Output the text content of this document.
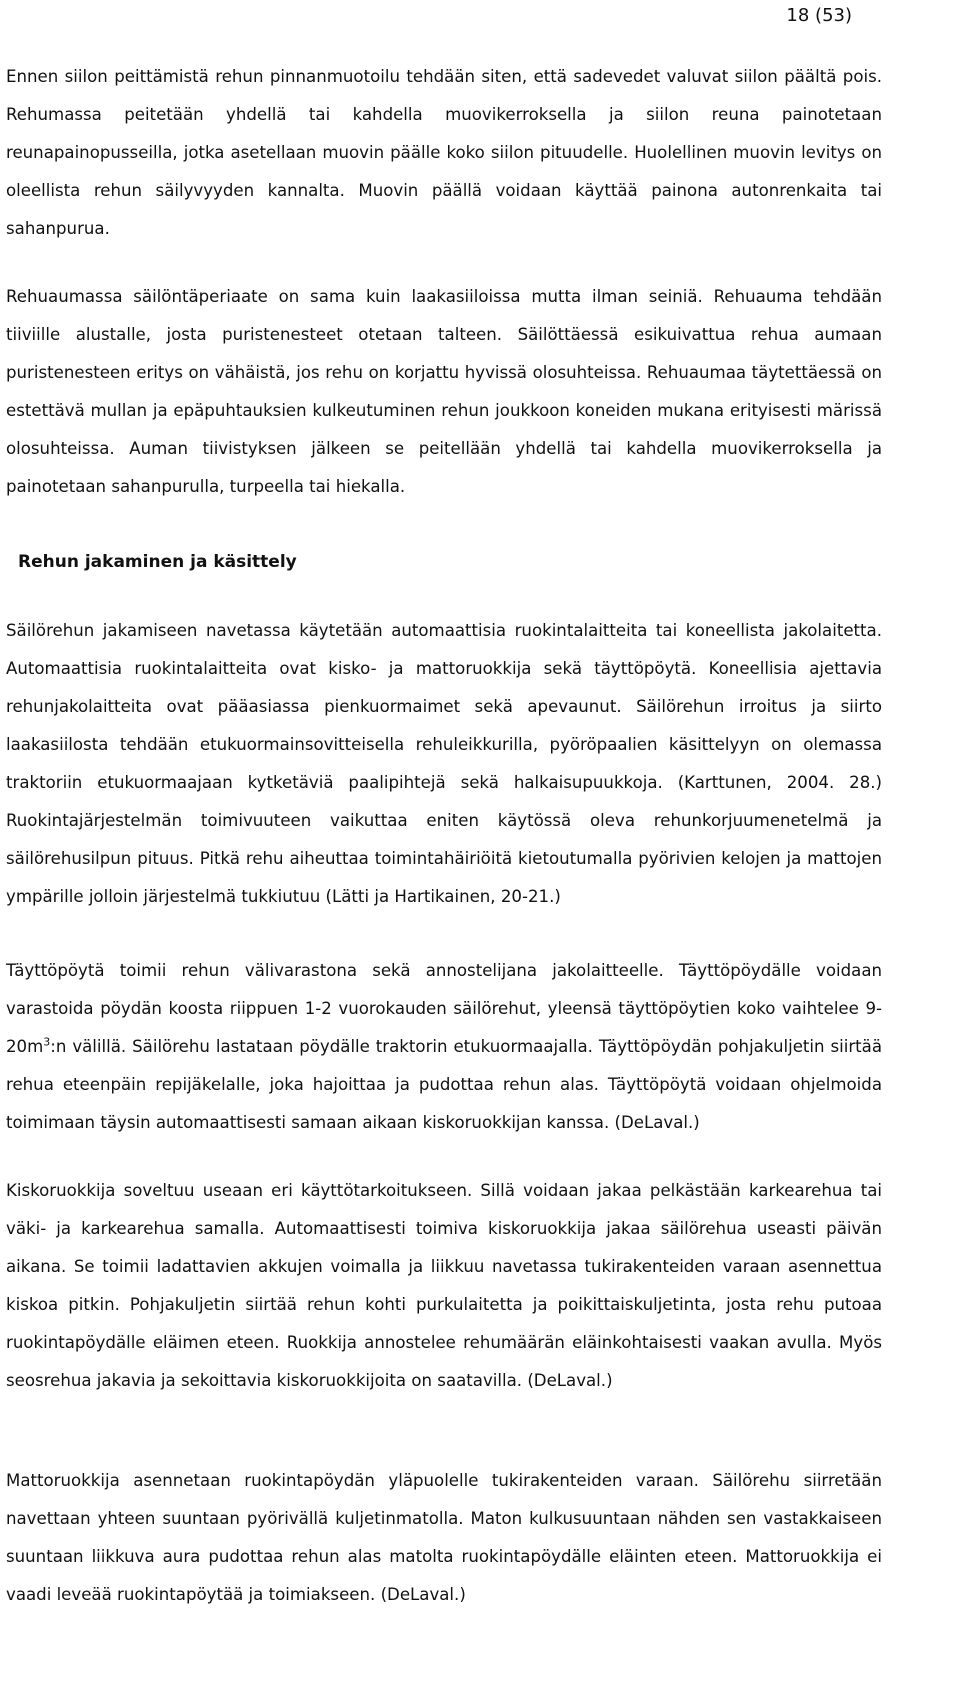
18 (53)

Ennen siilon peittämistä rehun pinnanmuotoilu tehdään siten, että sadevedet valuvat siilon päältä pois. Rehumassa peitetään yhdellä tai kahdella muovikerroksella ja siilon reuna painotetaan reunapainopusseilla, jotka asetellaan muovin päälle koko siilon pituudelle. Huolellinen muovin levitys on oleellista rehun säilyvyyden kannalta. Muovin päällä voidaan käyttää painona autonrenkaita tai sahanpurua.

Rehuaumassa säilöntäperiaate on sama kuin laakasiiloissa mutta ilman seiniä. Rehuauma tehdään tiiviille alustalle, josta puristenesteet otetaan talteen. Säilöttäessä esikuivattua rehua aumaan puristenesteen eritys on vähäistä, jos rehu on korjattu hyvissä olosuhteissa. Rehuaumaa täytettäessä on estettävä mullan ja epäpuhtauksien kulkeutuminen rehun joukkoon koneiden mukana erityisesti märissä olosuhteissa. Auman tiivistyksen jälkeen se peitellään yhdellä tai kahdella muovikerroksella ja painotetaan sahanpurulla, turpeella tai hiekalla.

Rehun jakaminen ja käsittely

Säilörehun jakamiseen navetassa käytetään automaattisia ruokintalaitteita tai koneellista jakolaitetta. Automaattisia ruokintalaitteita ovat kisko- ja mattoruokkija sekä täyttöpöytä. Koneellisia ajettavia rehunjakolaitteita ovat pääasiassa pienkuormaimet sekä apevaunut. Säilörehun irroitus ja siirto laakasiilosta tehdään etukuormainsovitteisella rehuleikkurilla, pyöröpaalien käsittelyyn on olemassa traktoriin etukuormaajaan kytketäviä paalipihtejä sekä halkaisupuukkoja. (Karttunen, 2004. 28.) Ruokintajärjestelmän toimivuuteen vaikuttaa eniten käytössä oleva rehunkorjuumenetelmä ja säilörehusilpun pituus. Pitkä rehu aiheuttaa toimintahäiriöitä kietoutumalla pyörivien kelojen ja mattojen ympärille jolloin järjestelmä tukkiutuu (Lätti ja Hartikainen, 20-21.)

Täyttöpöytä toimii rehun välivarastona sekä annostelijana jakolaitteelle. Täyttöpöydälle voidaan varastoida pöydän koosta riippuen 1-2 vuorokauden säilörehut, yleensä täyttöpöytien koko vaihtelee $9-20m^3:n$ välillä. Säilörehu lastataan pöydälle traktorin etukuormaajalla. Täyttöpöydän pohjakuljetin siirtää rehua eteenpäin repijäkelalle, joka hajoittaa ja pudottaa rehun alas. Täyttöpöytä voidaan ohjelmoida toimimaan täysin automaattisesti samaan aikaan kiskoruokkijan kanssa. (DeLaval.)

Kiskoruokkija soveltuu useaan eri käyttötarkoitukseen. Sillä voidaan jakaa pelkästään karkearehua tai väki- ja karkearehua samalla. Automaattisesti toimiva kiskoruokkija jakaa säilörehua useasti päivän aikana. Se toimii ladattavien akkujen voimalla ja liikkuu navetassa tukirakenteiden varaan asennettua kiskoa pitkin. Pohjakuljetin siirtää rehun kohti purkulaitetta ja poikittaiskuljetinta, josta rehu putoaa ruokintapöydälle eläimen eteen. Ruokkija annostelee rehumäärän eläinkohtaisesti vaakan avulla. Myös seosrehua jakavia ja sekoittavia kiskoruokkijoita on saatavilla. (DeLaval.)

Mattoruokkija asennetaan ruokintapöydän yläpuolelle tukirakenteiden varaan. Säilörehu siirretään navettaan yhteen suuntaan pyörivällä kuljetinmatolla. Maton kulkusuuntaan nähden sen vastakkaiseen suuntaan liikkuva aura pudottaa rehun alas matolta ruokintapöydälle eläinten eteen. Mattoruokkija ei vaadi leveää ruokintapöytää ja toimiakseen. (DeLaval.)
